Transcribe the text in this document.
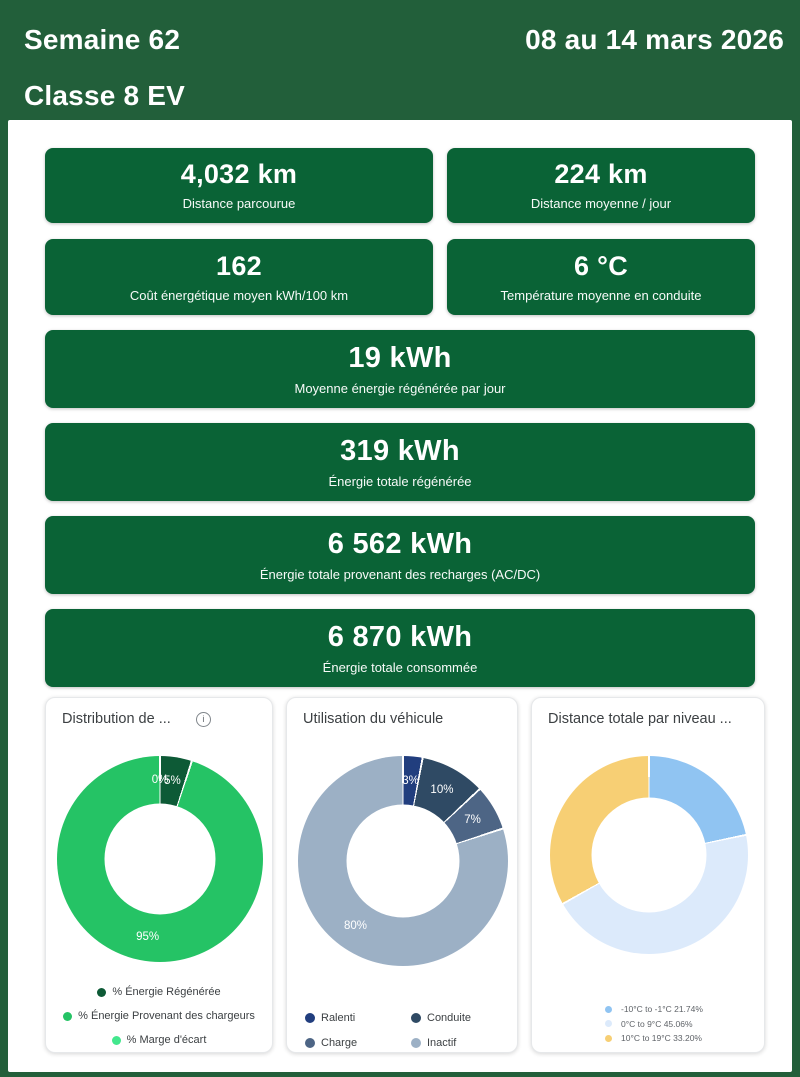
Semaine 62	08 au 14 mars 2026
Classe 8 EV
4,032 km
Distance parcourue
224 km
Distance moyenne / jour
162
Coût énergétique moyen kWh/100 km
6 °C
Température moyenne en conduite
19 kWh
Moyenne énergie régénérée par jour
319 kWh
Énergie totale régénérée
6 562 kWh
Énergie totale provenant des recharges (AC/DC)
6 870 kWh
Énergie totale consommée
Distribution de ...	i
5%
95%
0%
% Énergie Régénérée
% Énergie Provenant des chargeurs
% Marge d'écart
Utilisation du véhicule
3%
10%
7%
80%
Ralenti	Conduite
Charge	Inactif
Distance totale par niveau ...
-10°C to -1°C 21.74%
0°C to 9°C 45.06%
10°C to 19°C 33.20%
